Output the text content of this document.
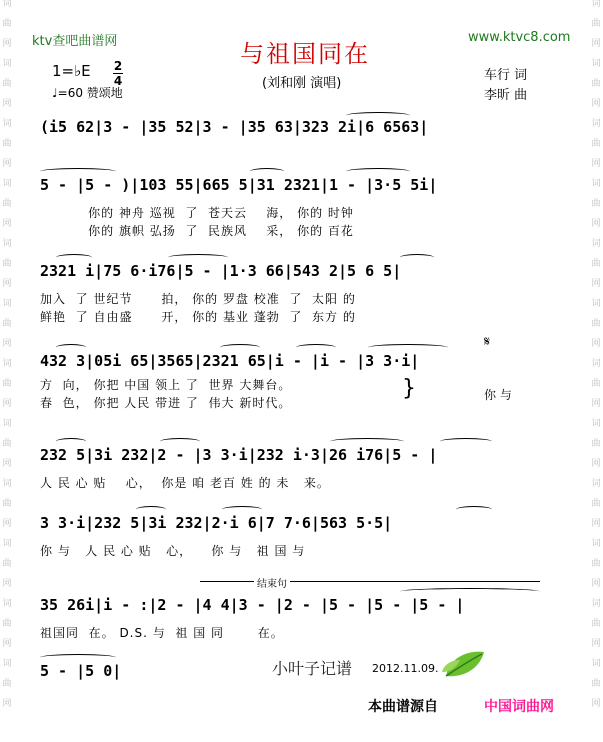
词
曲
网
词
曲
网
词
曲
网
词
曲
网
词
曲
网
词
曲
网
词
曲
网
词
曲
网
词
曲
网
词
曲
网
词
曲
网
词
曲
网
词
曲
网
词
曲
网
词
曲
网
词
曲
网
词
曲
网
词
曲
网
词
曲
网
词
曲
网
词
曲
网
词
曲
网
词
曲
网
词
曲
网
ktv查吧曲谱网	www.ktvc8.com
与祖国同在
(刘和刚 演唱)
1=♭E 2
4
♩=60 赞颂地
车行 词
李昕 曲
(i5 62|3 - |35 52|3 - |35 63|323 2i|6 6563|
5 - |5 - )|103 55|665 5|31 2321|1 - |3·5 5i|
你的 神舟 巡视  了  苍天云    海， 你的 时钟
你的 旗帜 弘扬  了  民族风    采， 你的 百花
2321 i|75 6·i76|5 - |1·3 66|543 2|5 6 5|
加入  了 世纪节      拍， 你的 罗盘 校准  了  太阳 的
鲜艳  了 自由盛      开， 你的 基业 蓬勃  了  东方 的
𝄋
432 3|05i 65|3565|2321 65|i - |i - |3 3·i|
方  向， 你把 中国 领上 了  世界 大舞台。
春  色， 你把 人民 带进 了  伟大 新时代。
}	你 与
232 5|3i 232|2 - |3 3·i|232 i·3|26 i76|5 - |
人 民 心 贴    心，  你是 咱 老百 姓 的 未   来。
3 3·i|232 5|3i 232|2·i 6|7 7·6|563 5·5|
你 与   人 民 心 贴   心，    你 与   祖 国 与
结束句
35 26i|i - :|2 - |4 4|3 - |2 - |5 - |5 - |5 - |
祖国同  在。 D.S. 与  祖 国 同       在。
5 - |5 0|	小叶子记谱 2012.11.09.
本曲谱源自	中国词曲网
